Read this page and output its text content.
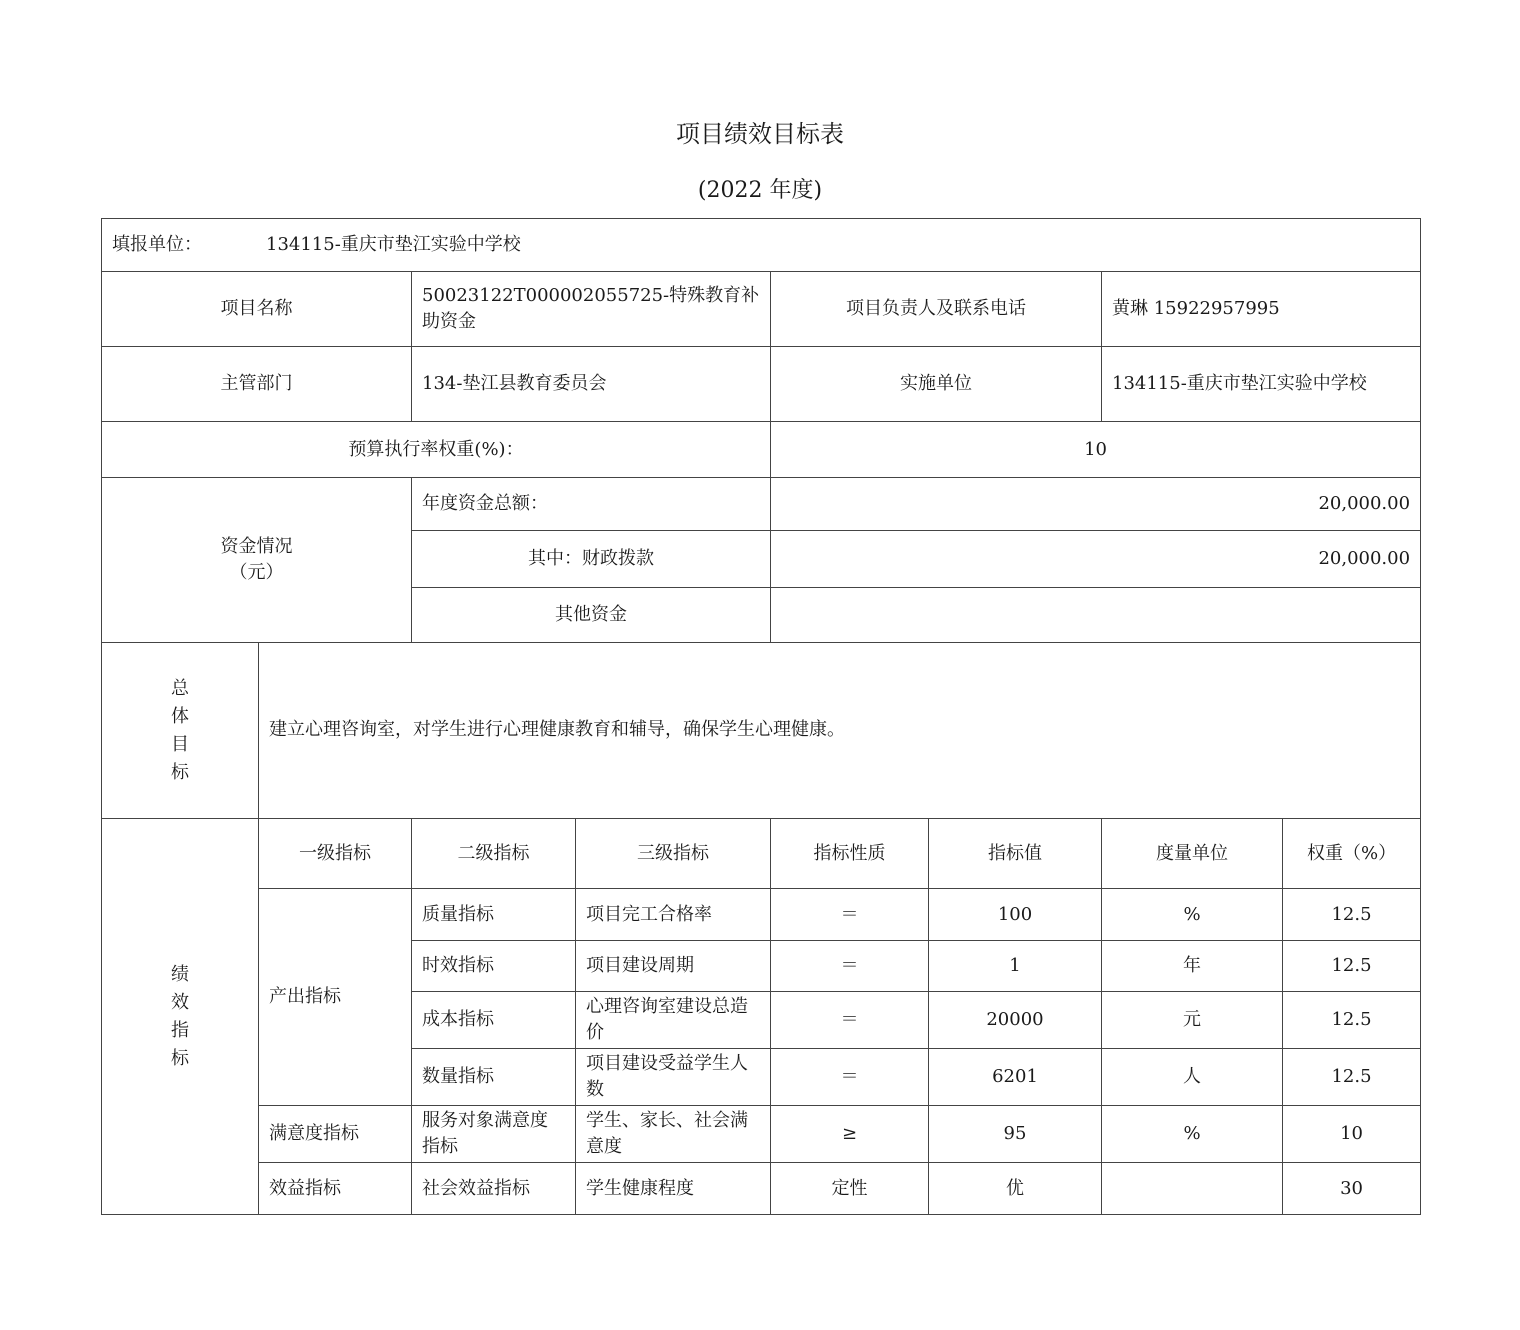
项目绩效目标表
(2022 年度)
填报单位： 134115-重庆市垫江实验中学校							
项目名称		50023122T000002055725-特殊教育补助资金		项目负责人及联系电话		黄琳 15922957995	
主管部门		134-垫江县教育委员会		实施单位		134115-重庆市垫江实验中学校	
预算执行率权重(%)：				10			

资金情况
（元）		年度资金总额：		20,000.00			
		其中：财政拨款		20,000.00			
		其他资金					

总
体
目
标	建立心理咨询室，对学生进行心理健康教育和辅导，确保学生心理健康。						

绩
效
指
标	一级指标	二级指标	三级指标	指标性质	指标值	度量单位	权重（%）
	产出指标	质量指标	项目完工合格率	＝	100	%	12.5
		时效指标	项目建设周期	＝	1	年	12.5
		成本指标	心理咨询室建设总造价	＝	20000	元	12.5
		数量指标	项目建设受益学生人数	＝	6201	人	12.5
	满意度指标	服务对象满意度指标	学生、家长、社会满意度	≥	95	%	10
	效益指标	社会效益指标	学生健康程度	定性	优		30
